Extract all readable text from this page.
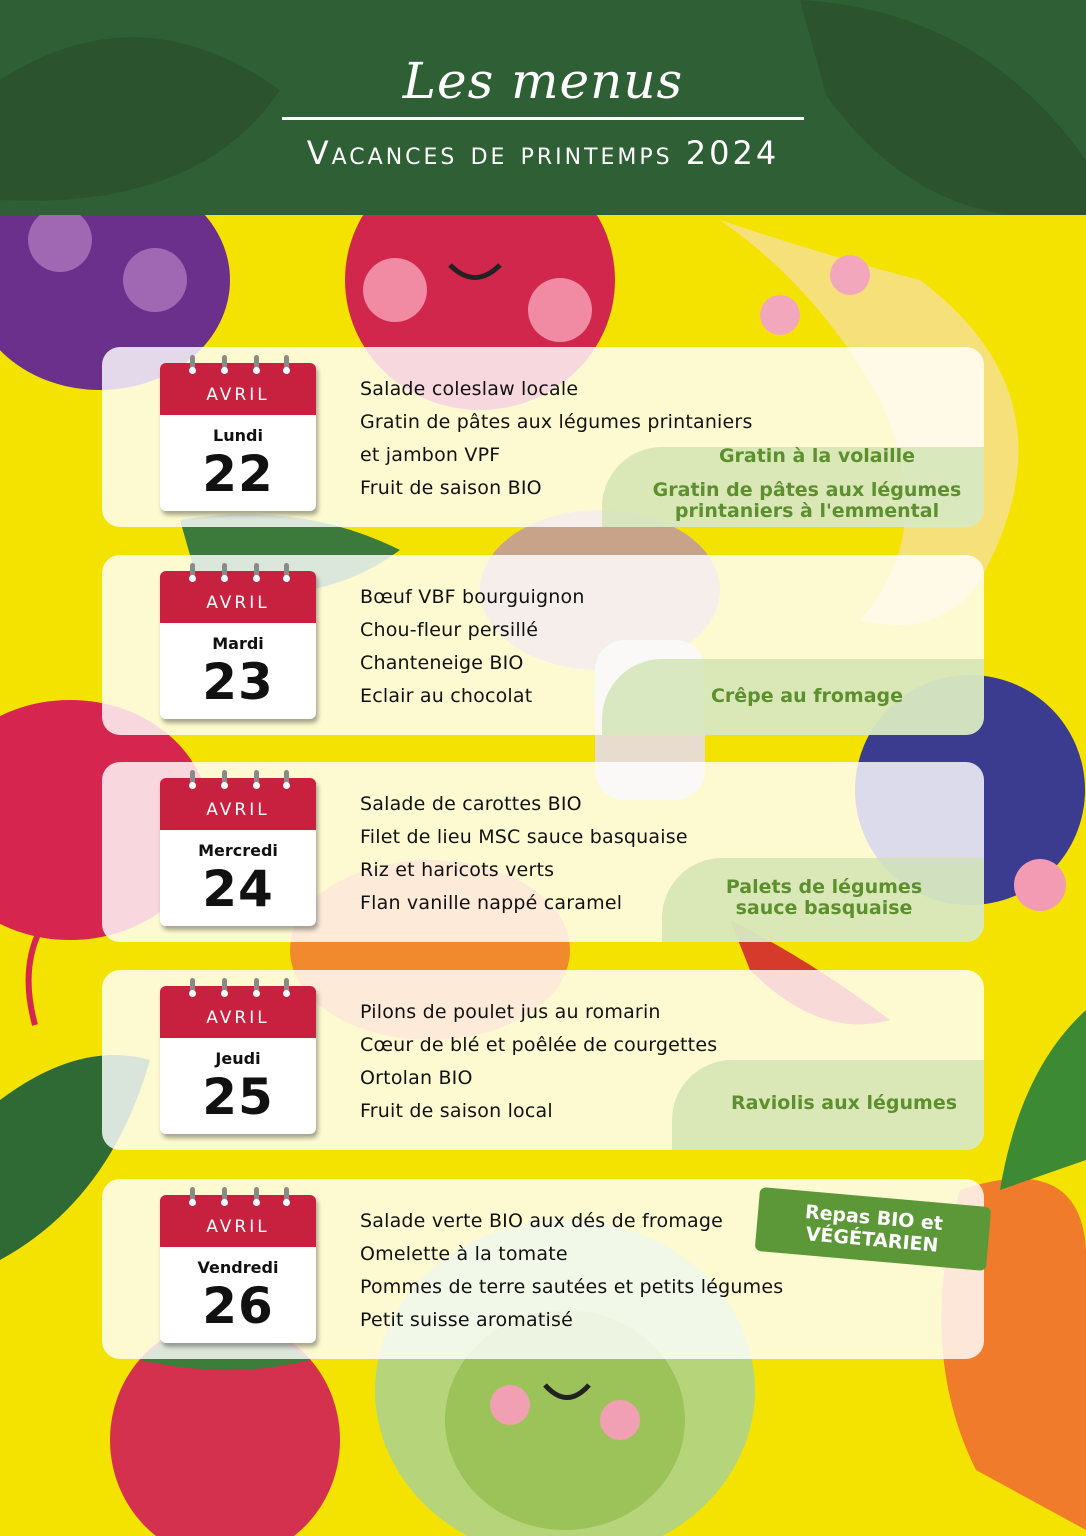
Les menus
Vacances de printemps 2024
AVRIL
Lundi
22
Salade coleslaw locale
Gratin de pâtes aux légumes printaniers
et jambon VPF
Fruit de saison BIO
Gratin à la volaille
Gratin de pâtes aux légumes printaniers à l'emmental
AVRIL
Mardi
23
Bœuf VBF bourguignon
Chou-fleur persillé
Chanteneige BIO
Eclair au chocolat	Crêpe au fromage
AVRIL
Mercredi
24
Salade de carottes BIO
Filet de lieu MSC sauce basquaise
Riz et haricots verts
Flan vanille nappé caramel
Palets de légumes sauce basquaise
AVRIL
Jeudi
25
Pilons de poulet jus au romarin
Cœur de blé et poêlée de courgettes
Ortolan BIO
Fruit de saison local	Raviolis aux légumes
AVRIL
Vendredi
26
Salade verte BIO aux dés de fromage
Omelette à la tomate
Pommes de terre sautées et petits légumes
Petit suisse aromatisé
Repas BIO et VÉGÉTARIEN
